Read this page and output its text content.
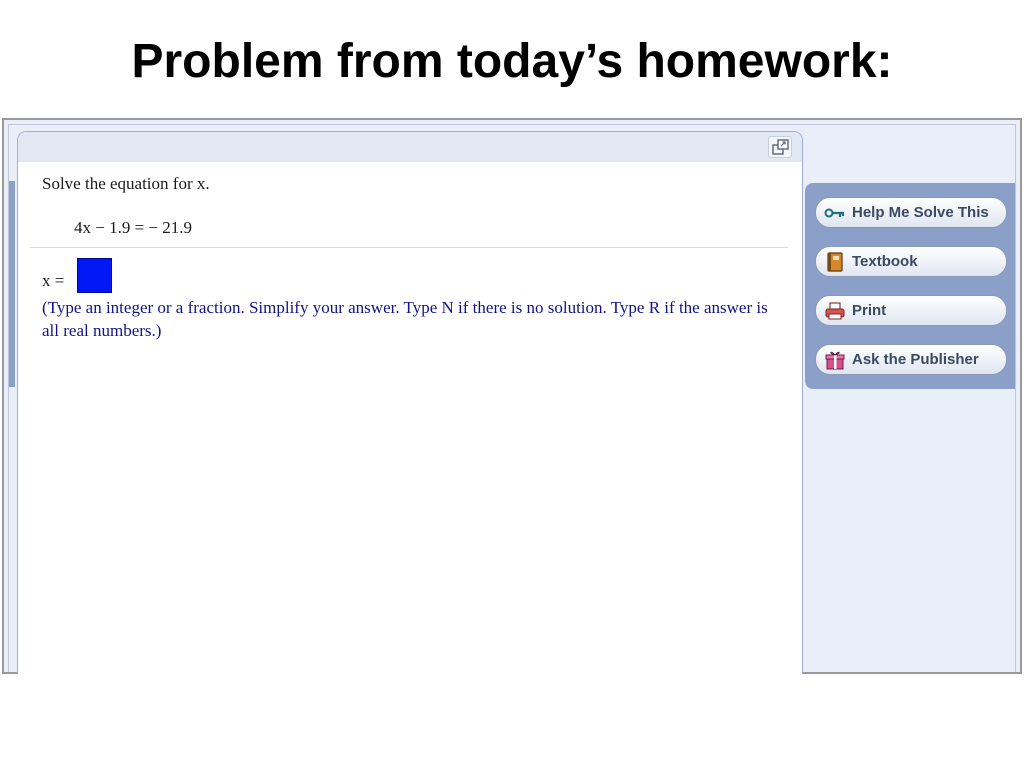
Problem from today’s homework:
Solve the equation for x.
4x − 1.9 = − 21.9
x =
(Type an integer or a fraction. Simplify your answer. Type N if there is no solution. Type R if the answer is all real numbers.)
Help Me Solve This
Textbook
Print
Ask the Publisher
